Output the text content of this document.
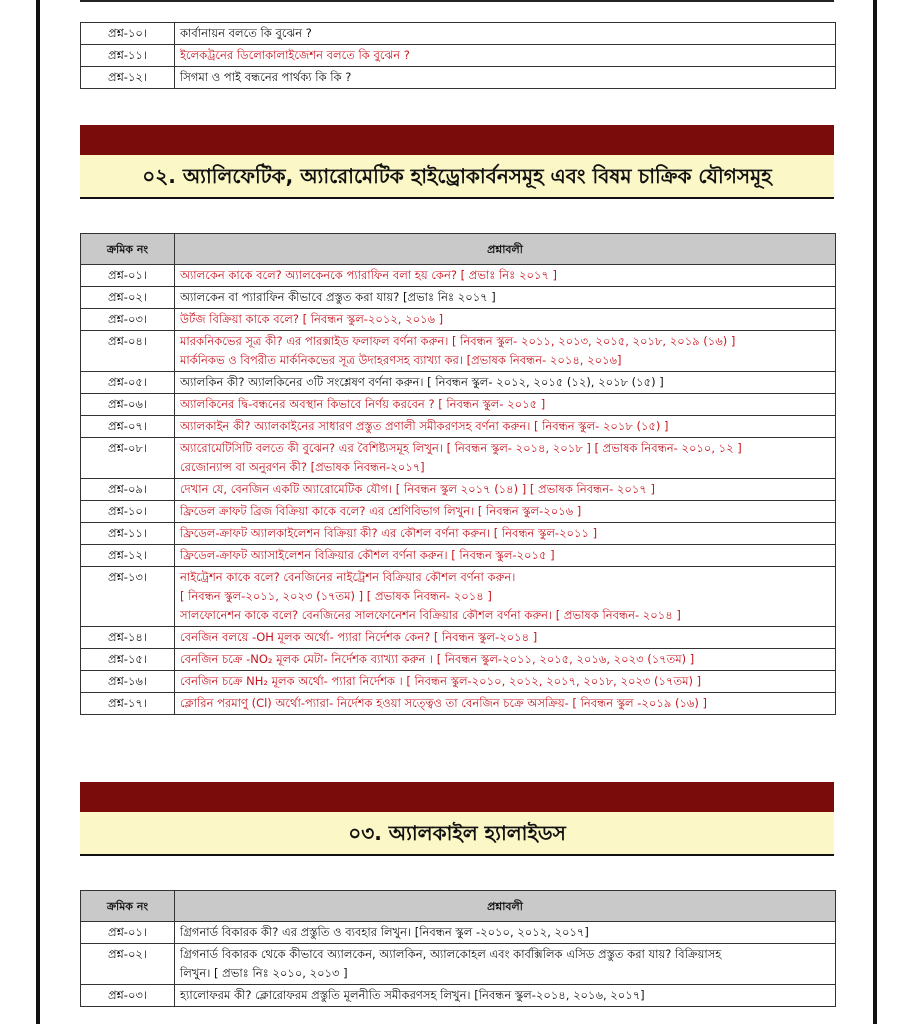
প্রশ্ন-১০।	কার্বানায়ন বলতে কি বুঝেন ?
প্রশ্ন-১১।	ইলেকট্রনের ডিলোকালাইজেশন বলতে কি বুঝেন ?
প্রশ্ন-১২।	সিগমা ও পাই বন্ধনের পার্থক্য কি কি ?
০২. অ্যালিফেটিক, অ্যারোমেটিক হাইড্রোকার্বনসমূহ এবং বিষম চাক্রিক যৌগসমূহ
ক্রমিক নং	প্রশ্নাবলী
প্রশ্ন-০১।	অ্যালকেন কাকে বলে? অ্যালকেনকে প্যারাফিন বলা হয় কেন? [ প্রভাঃ নিঃ ২০১৭ ]

প্রশ্ন-০২।	অ্যালকেন বা প্যারাফিন কীভাবে প্রস্তুত করা যায়? [প্রভাঃ নিঃ ২০১৭ ]

প্রশ্ন-০৩।	উর্টজ বিক্রিয়া কাকে বলে? [ নিবন্ধন স্কুল-২০১২, ২০১৬ ]

প্রশ্ন-০৪।	মারকনিকভের সূত্র কী? এর পারক্সাইড ফলাফল বর্ণনা করুন। [ নিবন্ধন স্কুল- ২০১১, ২০১৩, ২০১৫, ২০১৮, ২০১৯ (১৬) ]
মার্কনিকভ ও বিপরীত মার্কনিকভের সূত্র উদাহরণসহ ব্যাখ্যা কর। [প্রভাষক নিবন্ধন- ২০১৪, ২০১৬]

প্রশ্ন-০৫।	অ্যালকিন কী? অ্যালকিনের ৩টি সংশ্লেষণ বর্ণনা করুন। [ নিবন্ধন স্কুল- ২০১২, ২০১৫ (১২), ২০১৮ (১৫) ]

প্রশ্ন-০৬।	অ্যালকিনের দ্বি-বন্ধনের অবস্থান কিভাবে নির্ণয় করবেন ? [ নিবন্ধন স্কুল- ২০১৫ ]

প্রশ্ন-০৭।	অ্যালকাইন কী? অ্যালকাইনের সাধারণ প্রস্তুত প্রণালী সমীকরণসহ বর্ণনা করুন। [ নিবন্ধন স্কুল- ২০১৮ (১৫) ]

প্রশ্ন-০৮।	অ্যারোমেটিসিটি বলতে কী বুঝেন? এর বৈশিষ্ট্যসমূহ লিখুন। [ নিবন্ধন স্কুল- ২০১৪, ২০১৮ ] [ প্রভাষক নিবন্ধন- ২০১০, ১২ ]
রেজোন্যান্স বা অনুরণন কী? [প্রভাষক নিবন্ধন-২০১৭]

প্রশ্ন-০৯।	দেখান যে, বেনজিন একটি অ্যারোমেটিক যৌগ। [ নিবন্ধন স্কুল ২০১৭ (১৪) ] [ প্রভাষক নিবন্ধন- ২০১৭ ]

প্রশ্ন-১০।	ফ্রিডেল ক্রাফট ব্রিজ বিক্রিয়া কাকে বলে? এর শ্রেণিবিভাগ লিখুন। [ নিবন্ধন স্কুল-২০১৬ ]

প্রশ্ন-১১।	ফ্রিডেল-ক্রাফট অ্যালকাইলেশন বিক্রিয়া কী? এর কৌশল বর্ণনা করুন। [ নিবন্ধন স্কুল-২০১১ ]

প্রশ্ন-১২।	ফ্রিডেল-ক্রাফট অ্যাসাইলেশন বিক্রিয়ার কৌশল বর্ণনা করুন। [ নিবন্ধন স্কুল-২০১৫ ]

প্রশ্ন-১৩।	নাইট্রেশন কাকে বলে? বেনজিনের নাইট্রেশন বিক্রিয়ার কৌশল বর্ণনা করুন।
[ নিবন্ধন স্কুল-২০১১, ২০২৩ (১৭তম) ] [ প্রভাষক নিবন্ধন- ২০১৪ ]
সালফোনেশন কাকে বলে? বেনজিনের সালফোনেশন বিক্রিয়ার কৌশল বর্ণনা করুন। [ প্রভাষক নিবন্ধন- ২০১৪ ]

প্রশ্ন-১৪।	বেনজিন বলয়ে -OH মূলক অর্থো- প্যারা নির্দেশক কেন? [ নিবন্ধন স্কুল-২০১৪ ]

প্রশ্ন-১৫।	বেনজিন চক্রে -NO₂ মূলক মেটা- নির্দেশক ব্যাখ্যা করুন । [ নিবন্ধন স্কুল-২০১১, ২০১৫, ২০১৬, ২০২৩ (১৭তম) ]

প্রশ্ন-১৬।	বেনজিন চক্রে NH₂ মূলক অর্থো- প্যারা নির্দেশক । [ নিবন্ধন স্কুল-২০১০, ২০১২, ২০১৭, ২০১৮, ২০২৩ (১৭তম) ]

প্রশ্ন-১৭।	ক্লোরিন পরমাণু (Cl) অর্থো-প্যারা- নির্দেশক হওয়া সত্ত্বেও তা বেনজিন চক্রে অসক্রিয়- [ নিবন্ধন স্কুল -২০১৯ (১৬) ]
০৩. অ্যালকাইল হ্যালাইডস
ক্রমিক নং	প্রশ্নাবলী
প্রশ্ন-০১।	গ্রিগনার্ড বিকারক কী? এর প্রস্তুতি ও ব্যবহার লিখুন। [নিবন্ধন স্কুল -২০১০, ২০১২, ২০১৭]

প্রশ্ন-০২।	গ্রিগনার্ড বিকারক থেকে কীভাবে অ্যালকেন, অ্যালকিন, অ্যালকোহল এবং কার্বক্সিলিক এসিড প্রস্তুত করা যায়? বিক্রিয়াসহ
লিখুন। [ প্রভাঃ নিঃ ২০১০, ২০১৩ ]

প্রশ্ন-০৩।	হ্যালোফরম কী? ক্লোরোফরম প্রস্তুতি মূলনীতি সমীকরণসহ লিখুন। [নিবন্ধন স্কুল-২০১৪, ২০১৬, ২০১৭]
